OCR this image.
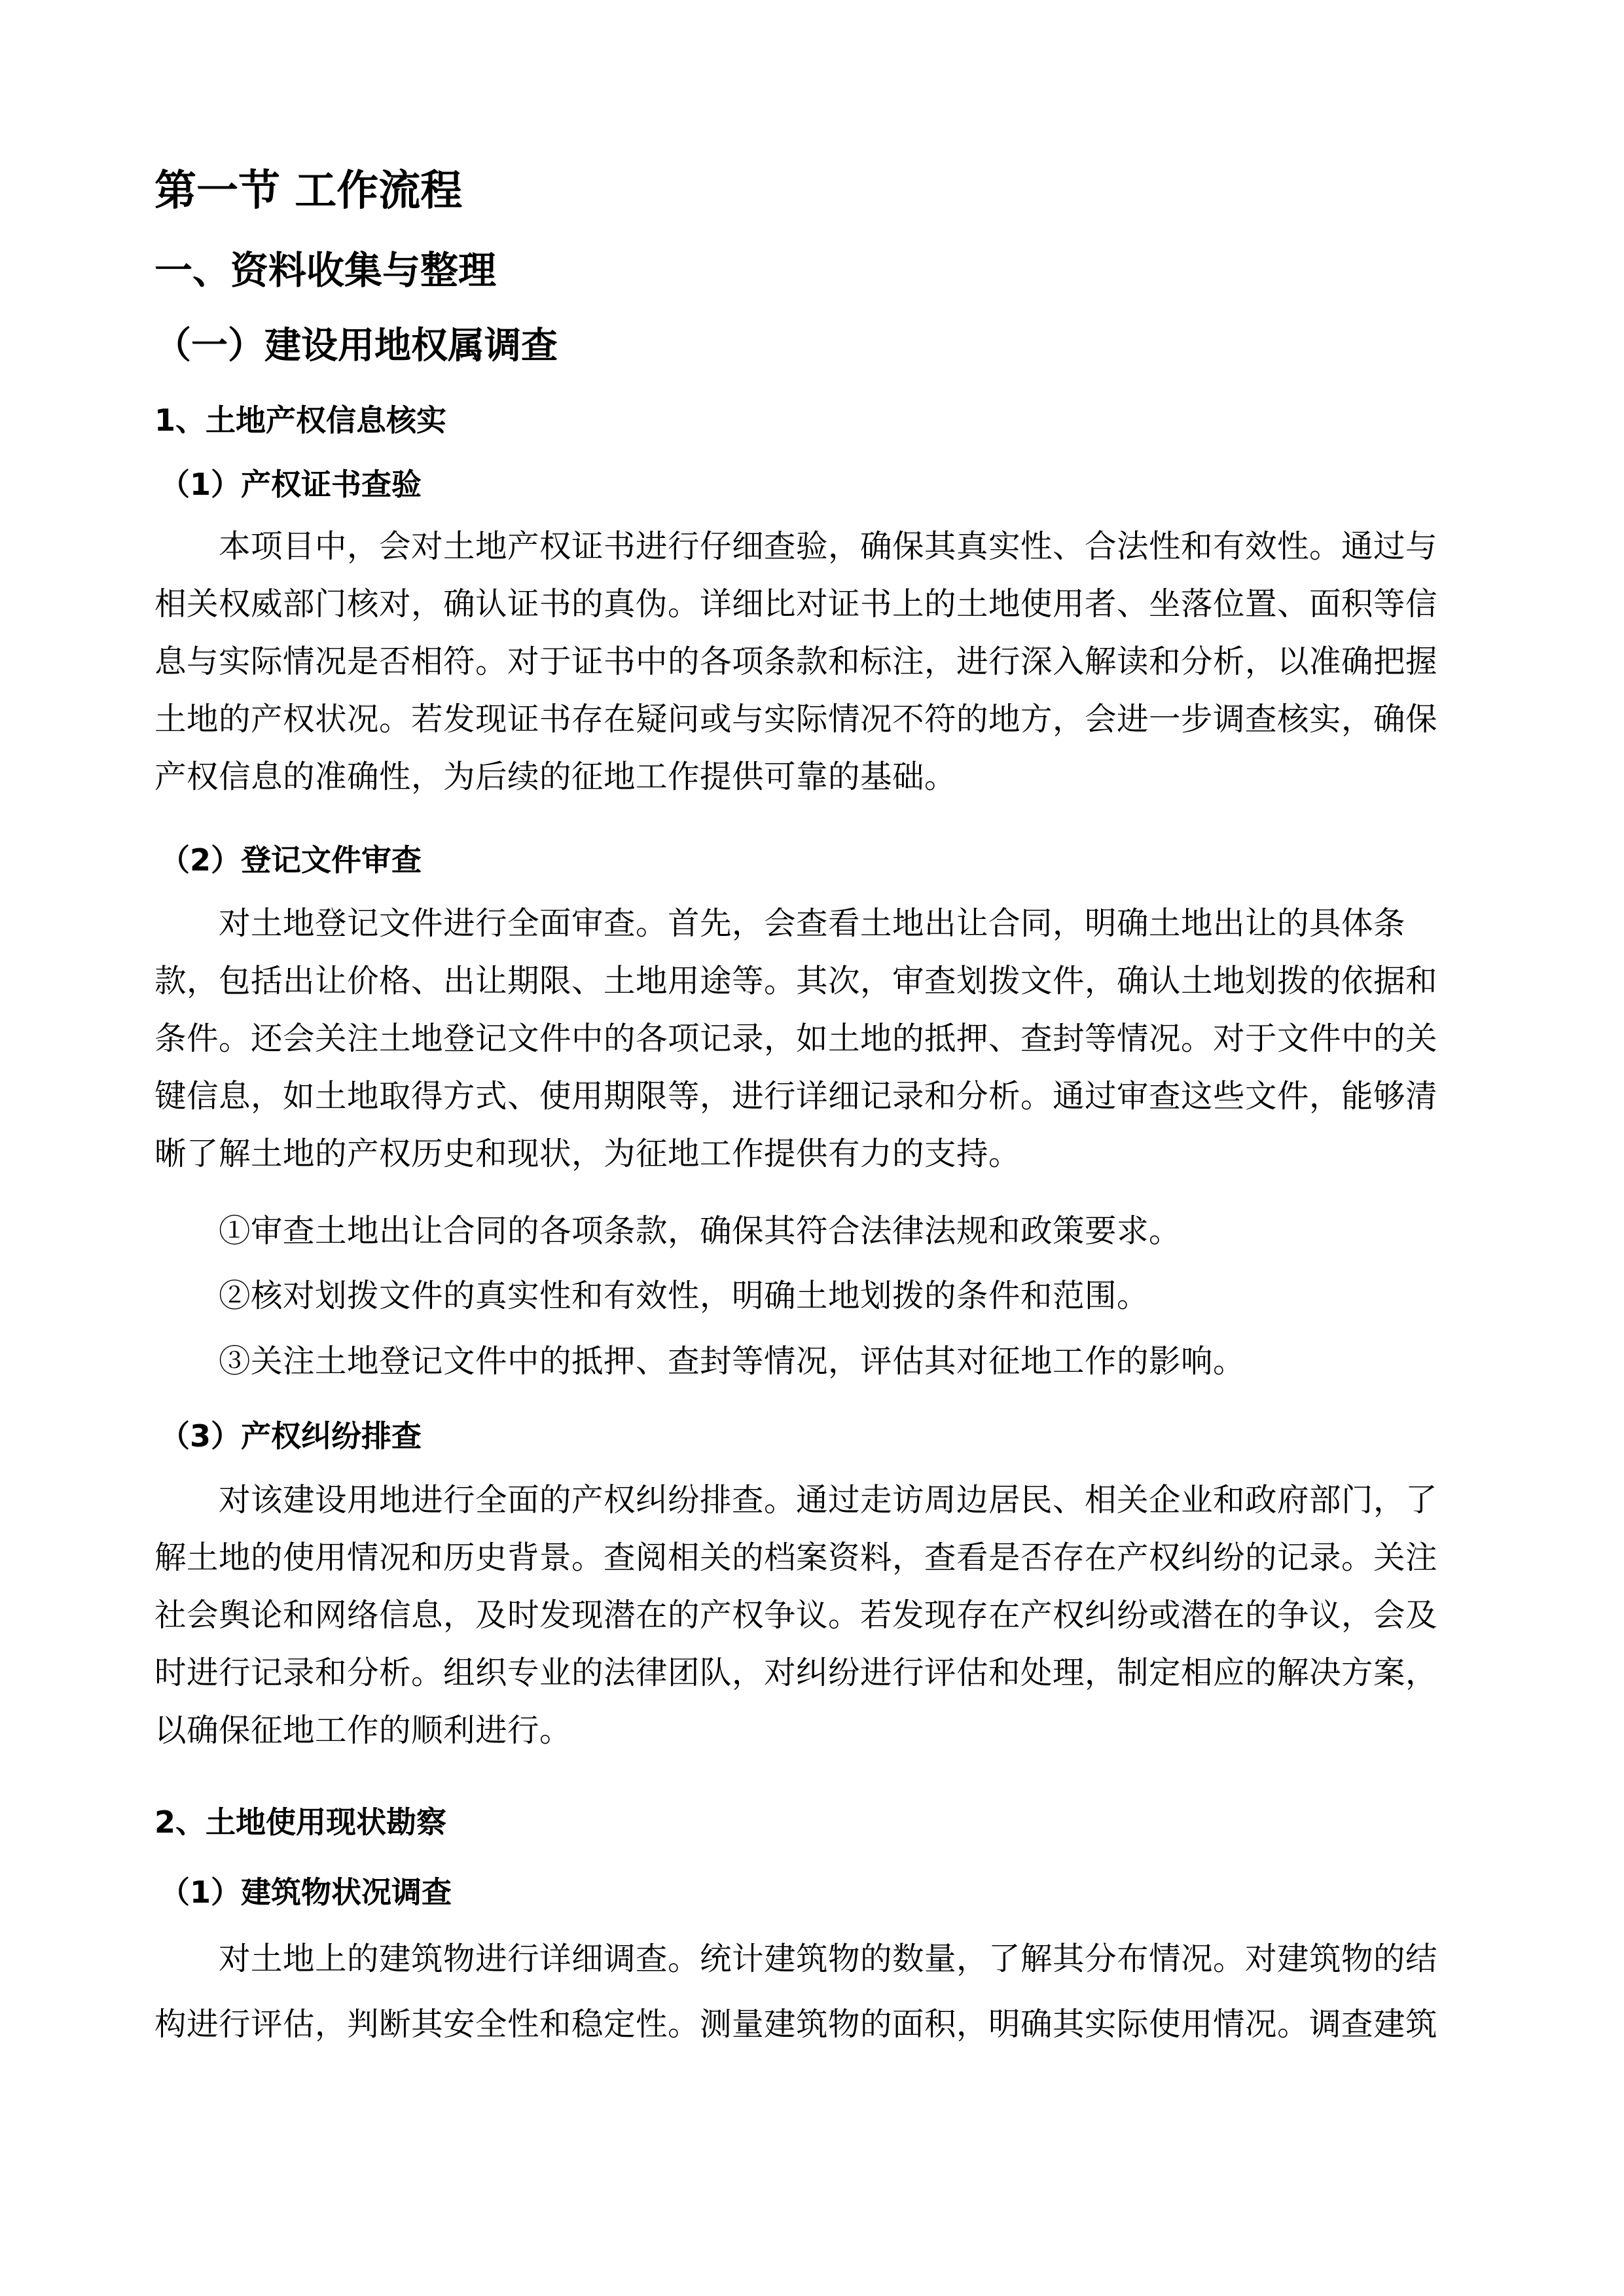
第一节 工作流程
一、资料收集与整理
（一）建设用地权属调查
1、土地产权信息核实
（1）产权证书查验
本项目中，会对土地产权证书进行仔细查验，确保其真实性、合法性和有效性。通过与
相关权威部门核对，确认证书的真伪。详细比对证书上的土地使用者、坐落位置、面积等信
息与实际情况是否相符。对于证书中的各项条款和标注，进行深入解读和分析，以准确把握
土地的产权状况。若发现证书存在疑问或与实际情况不符的地方，会进一步调查核实，确保
产权信息的准确性，为后续的征地工作提供可靠的基础。
（2）登记文件审查
对土地登记文件进行全面审查。首先，会查看土地出让合同，明确土地出让的具体条
款，包括出让价格、出让期限、土地用途等。其次，审查划拨文件，确认土地划拨的依据和
条件。还会关注土地登记文件中的各项记录，如土地的抵押、查封等情况。对于文件中的关
键信息，如土地取得方式、使用期限等，进行详细记录和分析。通过审查这些文件，能够清
晰了解土地的产权历史和现状，为征地工作提供有力的支持。
①审查土地出让合同的各项条款，确保其符合法律法规和政策要求。
②核对划拨文件的真实性和有效性，明确土地划拨的条件和范围。
③关注土地登记文件中的抵押、查封等情况，评估其对征地工作的影响。
（3）产权纠纷排查
对该建设用地进行全面的产权纠纷排查。通过走访周边居民、相关企业和政府部门，了
解土地的使用情况和历史背景。查阅相关的档案资料，查看是否存在产权纠纷的记录。关注
社会舆论和网络信息，及时发现潜在的产权争议。若发现存在产权纠纷或潜在的争议，会及
时进行记录和分析。组织专业的法律团队，对纠纷进行评估和处理，制定相应的解决方案，
以确保征地工作的顺利进行。
2、土地使用现状勘察
（1）建筑物状况调查
对土地上的建筑物进行详细调查。统计建筑物的数量，了解其分布情况。对建筑物的结
构进行评估，判断其安全性和稳定性。测量建筑物的面积，明确其实际使用情况。调查建筑
